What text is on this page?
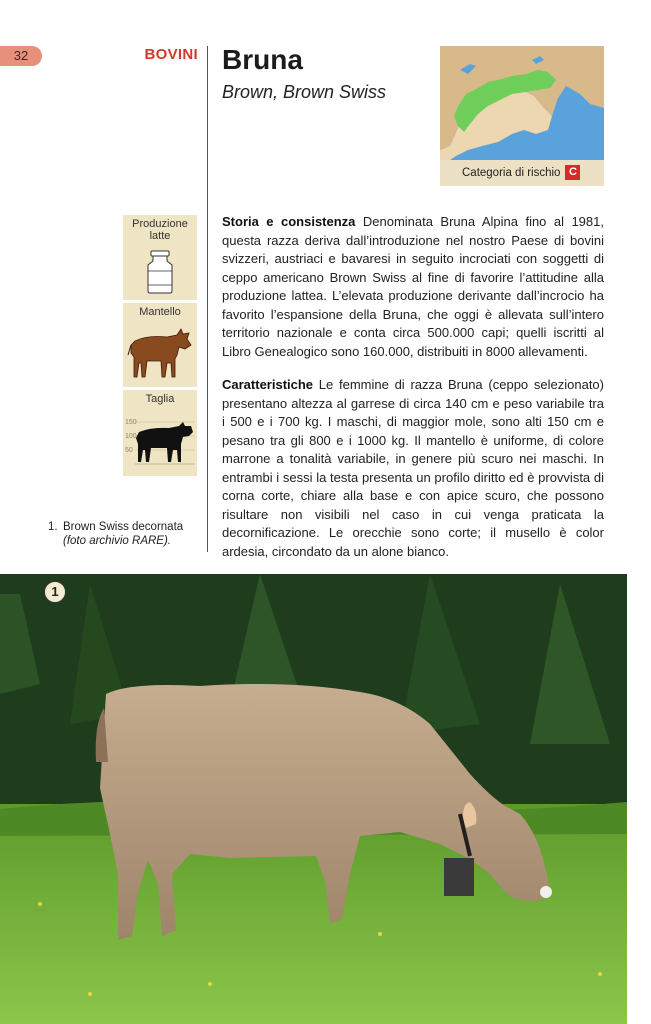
32	BOVINI Bruna
Brown, Brown Swiss
Categoria di rischio C
Produzione latte
Mantello
Taglia
150
100
50
1. Brown Swiss decornata
(foto archivio RARE).

Storia e consistenza Denominata Bruna Alpina fino al 1981, questa razza deriva dall’introduzione nel nostro Paese di bovini svizzeri, austriaci e bavaresi in seguito incrociati con soggetti di ceppo americano Brown Swiss al fine di favorire l’attitudine alla produzione lattea. L’elevata produzione derivante dall’incrocio ha favorito l’espansione della Bruna, che oggi è allevata sull’intero territorio nazionale e conta circa 500.000 capi; quelli iscritti al Libro Genealogico sono 160.000, distribuiti in 8000 allevamenti.

Caratteristiche Le femmine di razza Bruna (ceppo selezionato) presentano altezza al garrese di circa 140 cm e peso variabile tra i 500 e i 700 kg. I maschi, di maggior mole, sono alti 150 cm e pesano tra gli 800 e i 1000 kg. Il mantello è uniforme, di colore marrone a tonalità variabile, in genere più scuro nei maschi. In entrambi i sessi la testa presenta un profilo diritto ed è provvista di corna corte, chiare alla base e con apice scuro, che possono risultare non visibili nel caso in cui venga praticata la decornificazione. Le orecchie sono corte; il musello è color ardesia, circondato da un alone bianco.

1
